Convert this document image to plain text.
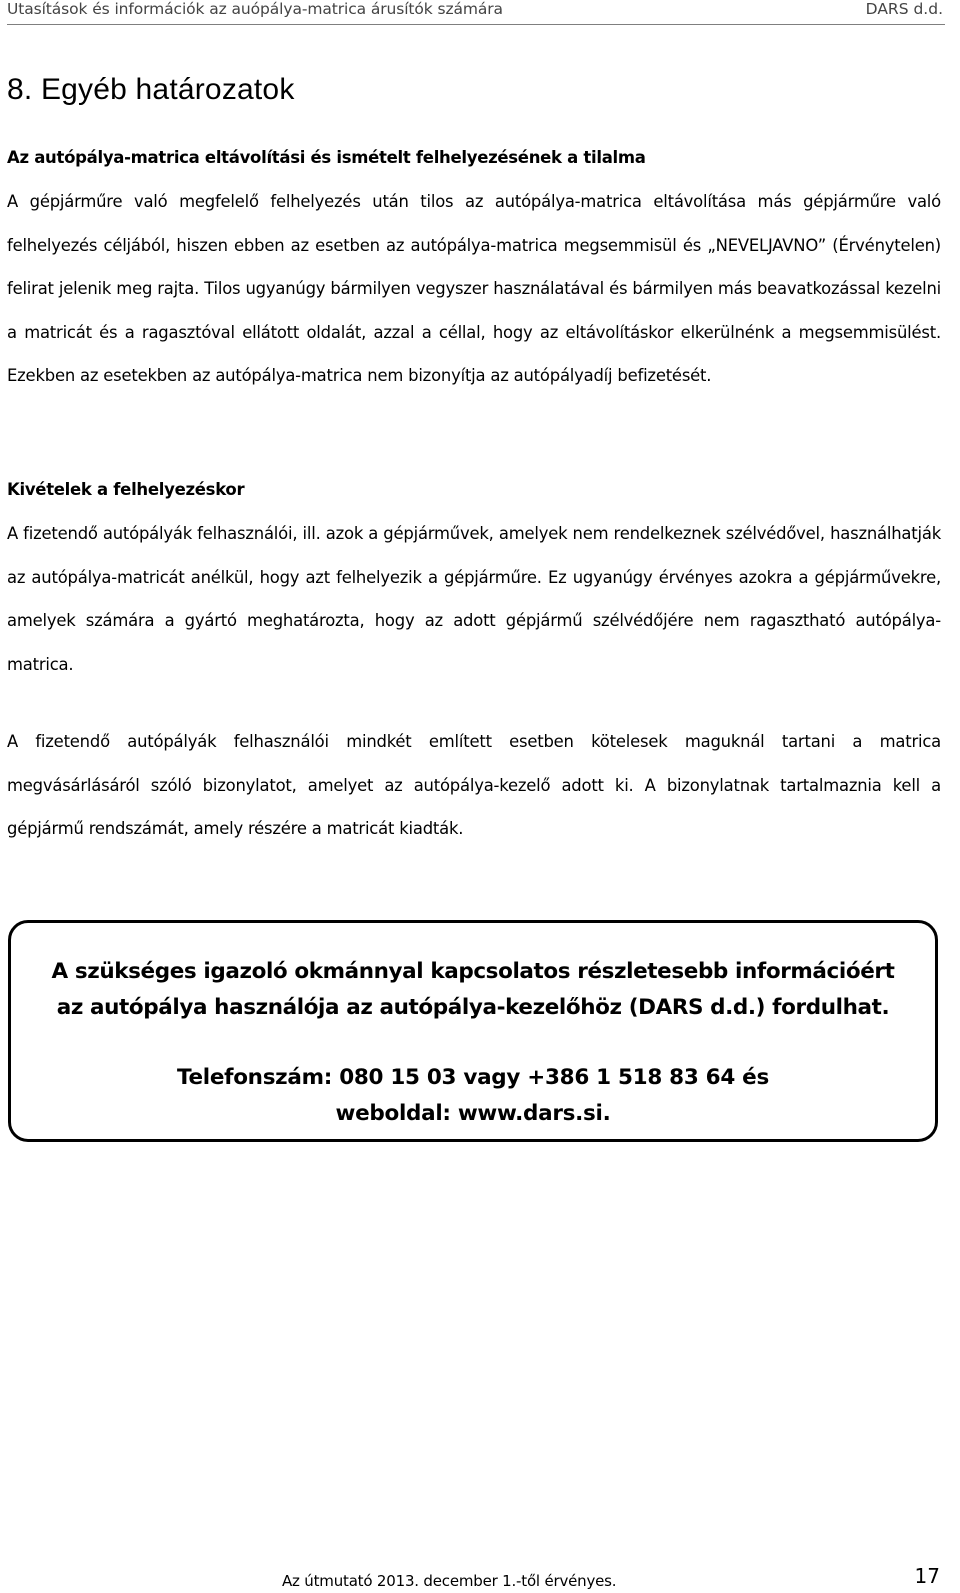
Utasítások és információk az auópálya-matrica árusítók számára	DARS d.d.
8. Egyéb határozatok
Az autópálya-matrica eltávolítási és ismételt felhelyezésének a tilalma

A gépjárműre való megfelelő felhelyezés után tilos az autópálya-matrica eltávolítása más gépjárműre való felhelyezés céljából, hiszen ebben az esetben az autópálya-matrica megsemmisül és „NEVELJAVNO” (Érvénytelen) felirat jelenik meg rajta. Tilos ugyanúgy bármilyen vegyszer használatával és bármilyen más beavatkozással kezelni a matricát és a ragasztóval ellátott oldalát, azzal a céllal, hogy az eltávolításkor elkerülnénk a megsemmisülést. Ezekben az esetekben az autópálya-matrica nem bizonyítja az autópályadíj befizetését.

Kivételek a felhelyezéskor

A fizetendő autópályák felhasználói, ill. azok a gépjárművek, amelyek nem rendelkeznek szélvédővel, használhatják az autópálya-matricát anélkül, hogy azt felhelyezik a gépjárműre. Ez ugyanúgy érvényes azokra a gépjárművekre, amelyek számára a gyártó meghatározta, hogy az adott gépjármű szélvédőjére nem ragasztható autópálya-matrica.

A fizetendő autópályák felhasználói mindkét említett esetben kötelesek maguknál tartani a matrica megvásárlásáról szóló bizonylatot, amelyet az autópálya-kezelő adott ki. A bizonylatnak tartalmaznia kell a gépjármű rendszámát, amely részére a matricát kiadták.

A szükséges igazoló okmánnyal kapcsolatos részletesebb információért
az autópálya használója az autópálya-kezelőhöz (DARS d.d.) fordulhat.
Telefonszám: 080 15 03 vagy +386 1 518 83 64 és
weboldal: www.dars.si.
Az útmutató 2013. december 1.-től érvényes.	17
